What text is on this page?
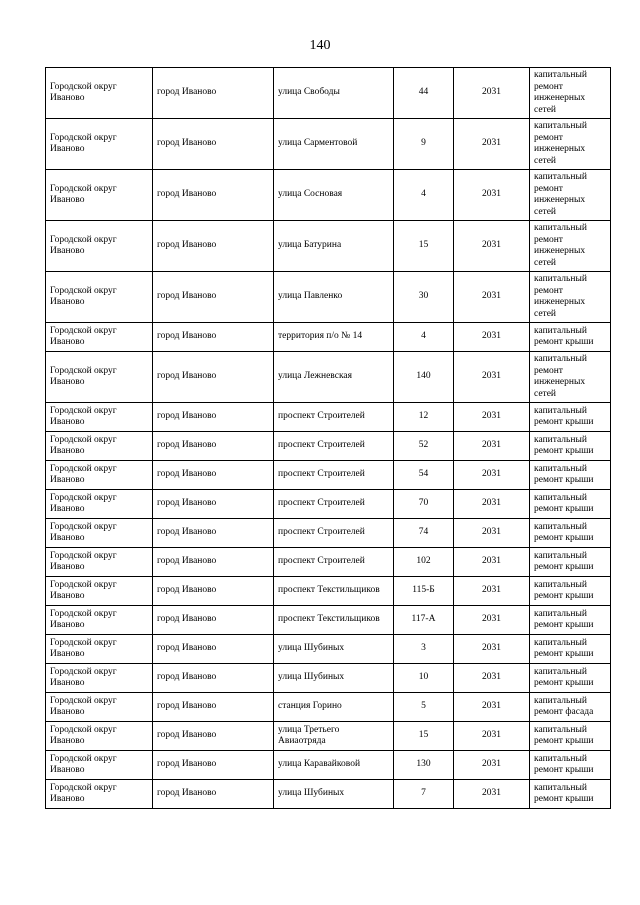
140
Городской округ Иваново	город Иваново	улица Свободы	44	2031	капитальный ремонт инженерных сетей
Городской округ Иваново	город Иваново	улица Сарментовой	9	2031	капитальный ремонт инженерных сетей
Городской округ Иваново	город Иваново	улица Сосновая	4	2031	капитальный ремонт инженерных сетей
Городской округ Иваново	город Иваново	улица Батурина	15	2031	капитальный ремонт инженерных сетей
Городской округ Иваново	город Иваново	улица Павленко	30	2031	капитальный ремонт инженерных сетей
Городской округ Иваново	город Иваново	территория п/о № 14	4	2031	капитальный ремонт крыши
Городской округ Иваново	город Иваново	улица Лежневская	140	2031	капитальный ремонт инженерных сетей
Городской округ Иваново	город Иваново	проспект Строителей	12	2031	капитальный ремонт крыши
Городской округ Иваново	город Иваново	проспект Строителей	52	2031	капитальный ремонт крыши
Городской округ Иваново	город Иваново	проспект Строителей	54	2031	капитальный ремонт крыши
Городской округ Иваново	город Иваново	проспект Строителей	70	2031	капитальный ремонт крыши
Городской округ Иваново	город Иваново	проспект Строителей	74	2031	капитальный ремонт крыши
Городской округ Иваново	город Иваново	проспект Строителей	102	2031	капитальный ремонт крыши
Городской округ Иваново	город Иваново	проспект Текстильщиков	115-Б	2031	капитальный ремонт крыши
Городской округ Иваново	город Иваново	проспект Текстильщиков	117-А	2031	капитальный ремонт крыши
Городской округ Иваново	город Иваново	улица Шубиных	3	2031	капитальный ремонт крыши
Городской округ Иваново	город Иваново	улица Шубиных	10	2031	капитальный ремонт крыши
Городской округ Иваново	город Иваново	станция Горино	5	2031	капитальный ремонт фасада
Городской округ Иваново	город Иваново	улица Третьего Авиаотряда	15	2031	капитальный ремонт крыши
Городской округ Иваново	город Иваново	улица Каравайковой	130	2031	капитальный ремонт крыши
Городской округ Иваново	город Иваново	улица Шубиных	7	2031	капитальный ремонт крыши
